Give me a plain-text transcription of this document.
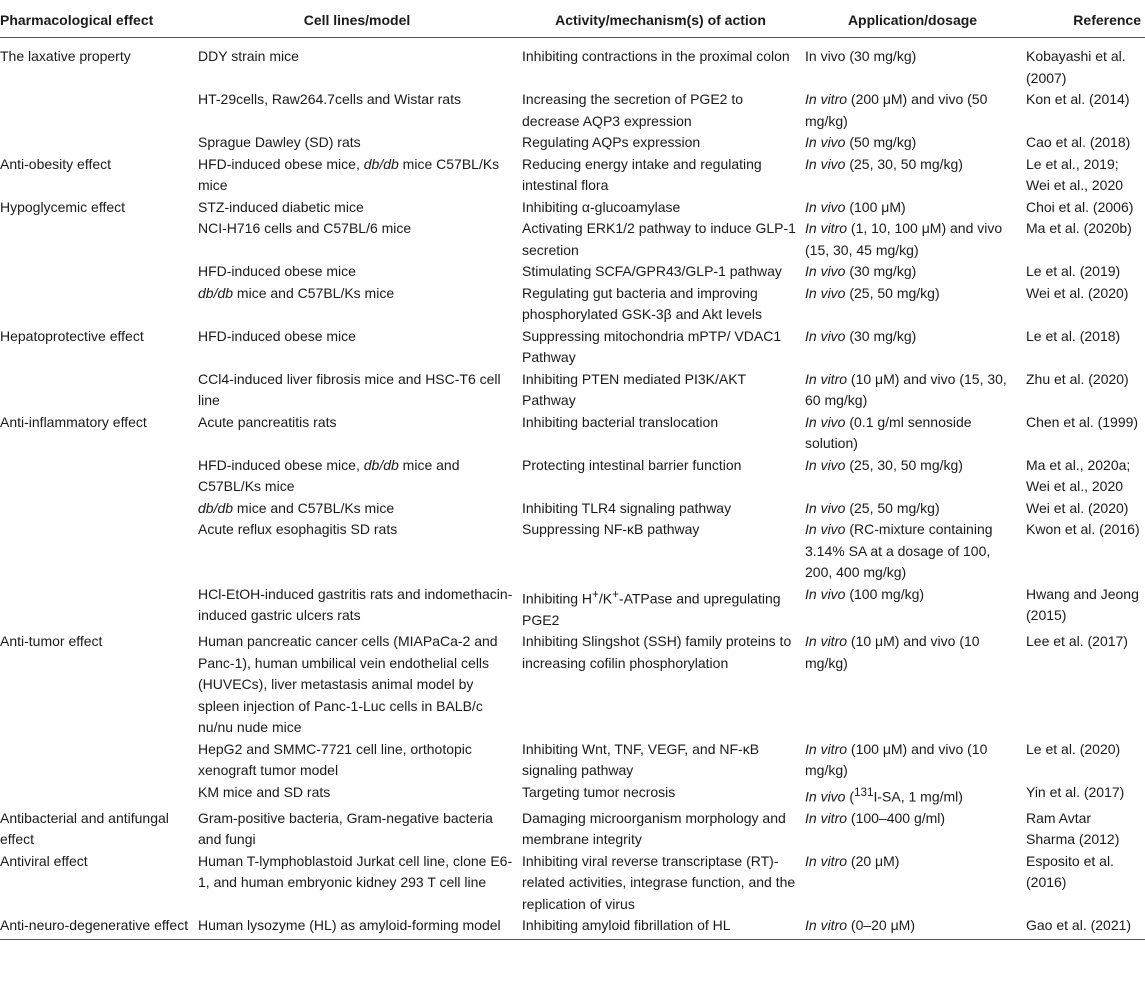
Pharmacological effect	Cell lines/model	Activity/mechanism(s) of action	Application/dosage	Reference
The laxative property	DDY strain mice	Inhibiting contractions in the proximal colon	In vivo (30 mg/kg)	Kobayashi et al. (2007)
	HT-29cells, Raw264.7cells and Wistar rats	Increasing the secretion of PGE2 to decrease AQP3 expression	In vitro (200 μM) and vivo (50 mg/kg)	Kon et al. (2014)
	Sprague Dawley (SD) rats	Regulating AQPs expression	In vivo (50 mg/kg)	Cao et al. (2018)
Anti-obesity effect	HFD-induced obese mice, db/db mice C57BL/Ks mice	Reducing energy intake and regulating intestinal flora	In vivo (25, 30, 50 mg/kg)	Le et al., 2019; Wei et al., 2020
Hypoglycemic effect	STZ-induced diabetic mice	Inhibiting α-glucoamylase	In vivo (100 μM)	Choi et al. (2006)
	NCI-H716 cells and C57BL/6 mice	Activating ERK1/2 pathway to induce GLP-1 secretion	In vitro (1, 10, 100 μM) and vivo (15, 30, 45 mg/kg)	Ma et al. (2020b)
	HFD-induced obese mice	Stimulating SCFA/GPR43/GLP-1 pathway	In vivo (30 mg/kg)	Le et al. (2019)
	db/db mice and C57BL/Ks mice	Regulating gut bacteria and improving phosphorylated GSK-3β and Akt levels	In vivo (25, 50 mg/kg)	Wei et al. (2020)
Hepatoprotective effect	HFD-induced obese mice	Suppressing mitochondria mPTP/ VDAC1 Pathway	In vivo (30 mg/kg)	Le et al. (2018)
	CCl4-induced liver fibrosis mice and HSC-T6 cell line	Inhibiting PTEN mediated PI3K/AKT Pathway	In vitro (10 μM) and vivo (15, 30, 60 mg/kg)	Zhu et al. (2020)
Anti-inflammatory effect	Acute pancreatitis rats	Inhibiting bacterial translocation	In vivo (0.1 g/ml sennoside solution)	Chen et al. (1999)
	HFD-induced obese mice, db/db mice and C57BL/Ks mice	Protecting intestinal barrier function	In vivo (25, 30, 50 mg/kg)	Ma et al., 2020a; Wei et al., 2020
	db/db mice and C57BL/Ks mice	Inhibiting TLR4 signaling pathway	In vivo (25, 50 mg/kg)	Wei et al. (2020)
	Acute reflux esophagitis SD rats	Suppressing NF-κB pathway	In vivo (RC-mixture containing 3.14% SA at a dosage of 100, 200, 400 mg/kg)	Kwon et al. (2016)
	HCl-EtOH-induced gastritis rats and indomethacin-induced gastric ulcers rats	Inhibiting H+/K+-ATPase and upregulating PGE2	In vivo (100 mg/kg)	Hwang and Jeong (2015)
Anti-tumor effect	Human pancreatic cancer cells (MIAPaCa-2 and Panc-1), human umbilical vein endothelial cells (HUVECs), liver metastasis animal model by spleen injection of Panc-1-Luc cells in BALB/c nu/nu nude mice	Inhibiting Slingshot (SSH) family proteins to increasing cofilin phosphorylation	In vitro (10 μM) and vivo (10 mg/kg)	Lee et al. (2017)
	HepG2 and SMMC-7721 cell line, orthotopic xenograft tumor model	Inhibiting Wnt, TNF, VEGF, and NF-κB signaling pathway	In vitro (100 μM) and vivo (10 mg/kg)	Le et al. (2020)
	KM mice and SD rats	Targeting tumor necrosis	In vivo ($^{131}$I-SA, 1 mg/ml)	Yin et al. (2017)
Antibacterial and antifungal effect	Gram-positive bacteria, Gram-negative bacteria and fungi	Damaging microorganism morphology and membrane integrity	In vitro (100–400 g/ml)	Ram Avtar Sharma (2012)
Antiviral effect	Human T-lymphoblastoid Jurkat cell line, clone E6-1, and human embryonic kidney 293 T cell line	Inhibiting viral reverse transcriptase (RT)-related activities, integrase function, and the replication of virus	In vitro (20 μM)	Esposito et al. (2016)
Anti-neuro-degenerative effect	Human lysozyme (HL) as amyloid-forming model	Inhibiting amyloid fibrillation of HL	In vitro (0–20 μM)	Gao et al. (2021)
